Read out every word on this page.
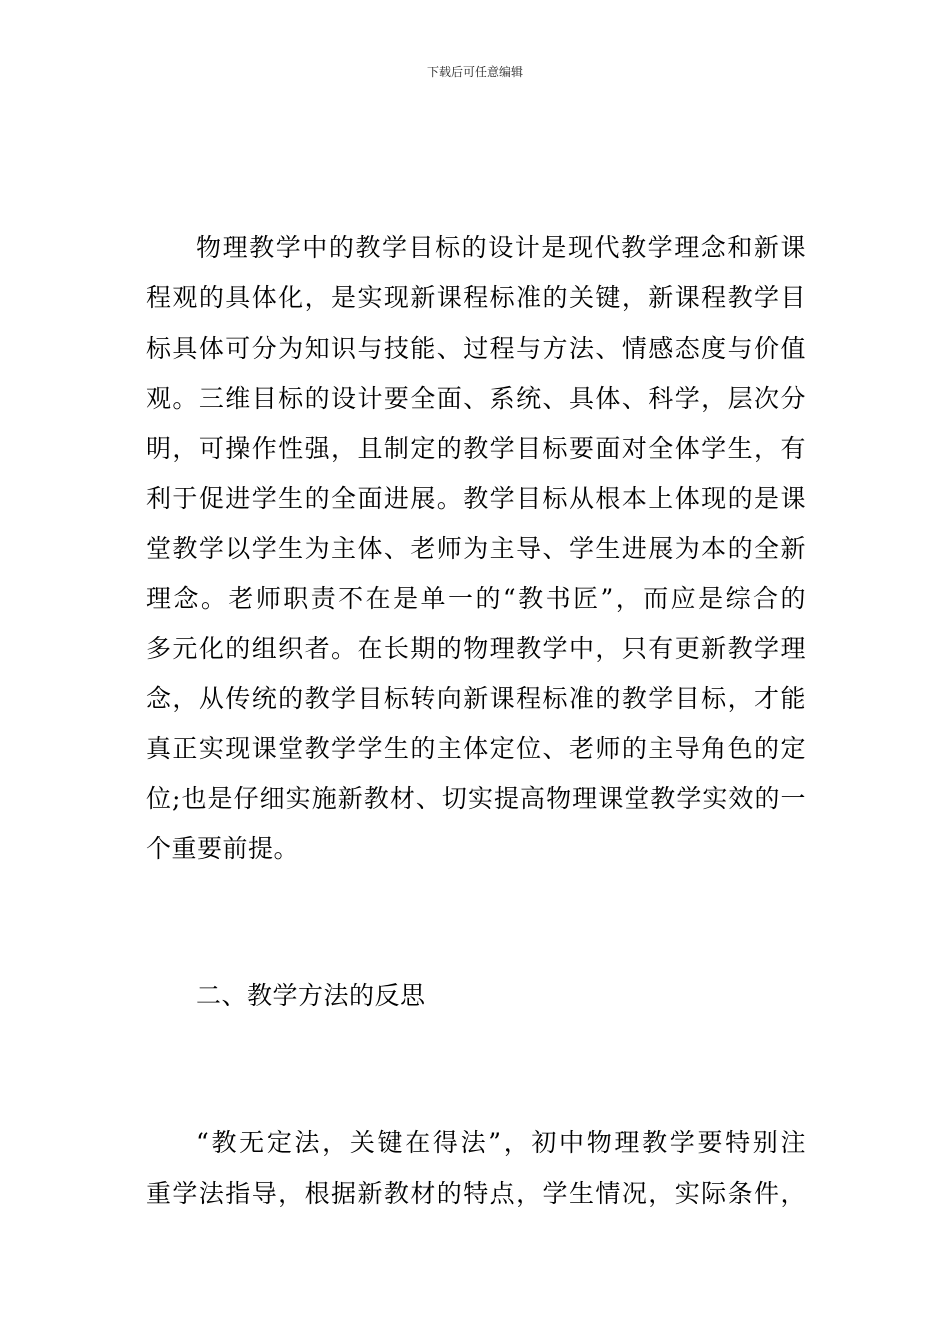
下载后可任意编辑
物理教学中的教学目标的设计是现代教学理念和新课
程观的具体化，是实现新课程标准的关键，新课程教学目
标具体可分为知识与技能、过程与方法、情感态度与价值
观。三维目标的设计要全面、系统、具体、科学，层次分
明，可操作性强，且制定的教学目标要面对全体学生，有
利于促进学生的全面进展。教学目标从根本上体现的是课
堂教学以学生为主体、老师为主导、学生进展为本的全新
理念。老师职责不在是单一的“教书匠”，而应是综合的
多元化的组织者。在长期的物理教学中，只有更新教学理
念，从传统的教学目标转向新课程标准的教学目标，才能
真正实现课堂教学学生的主体定位、老师的主导角色的定
位;也是仔细实施新教材、切实提高物理课堂教学实效的一
个重要前提。
二、教学方法的反思
“教无定法，关键在得法”，初中物理教学要特别注
重学法指导，根据新教材的特点，学生情况，实际条件，
